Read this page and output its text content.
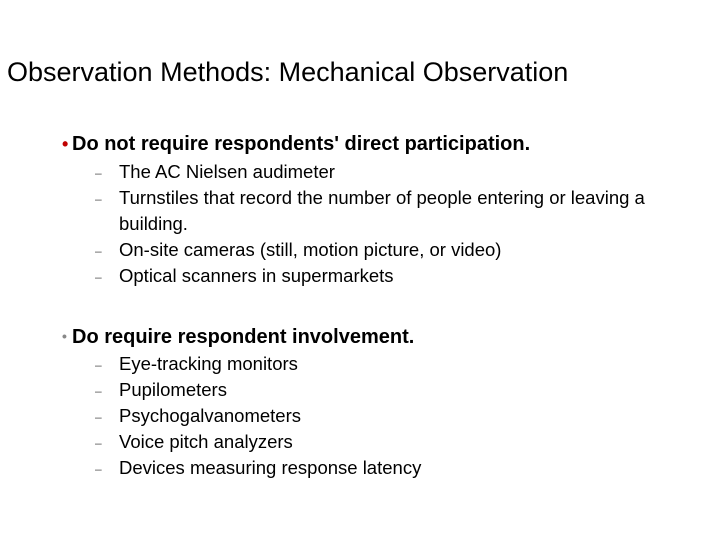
Observation Methods: Mechanical Observation
• Do not require respondents' direct participation.
– The AC Nielsen audimeter
– Turnstiles that record the number of people entering or leaving a building.
– On-site cameras (still, motion picture, or video)
– Optical scanners in supermarkets
• Do require respondent involvement.
– Eye-tracking monitors
– Pupilometers
– Psychogalvanometers
– Voice pitch analyzers
– Devices measuring response latency
